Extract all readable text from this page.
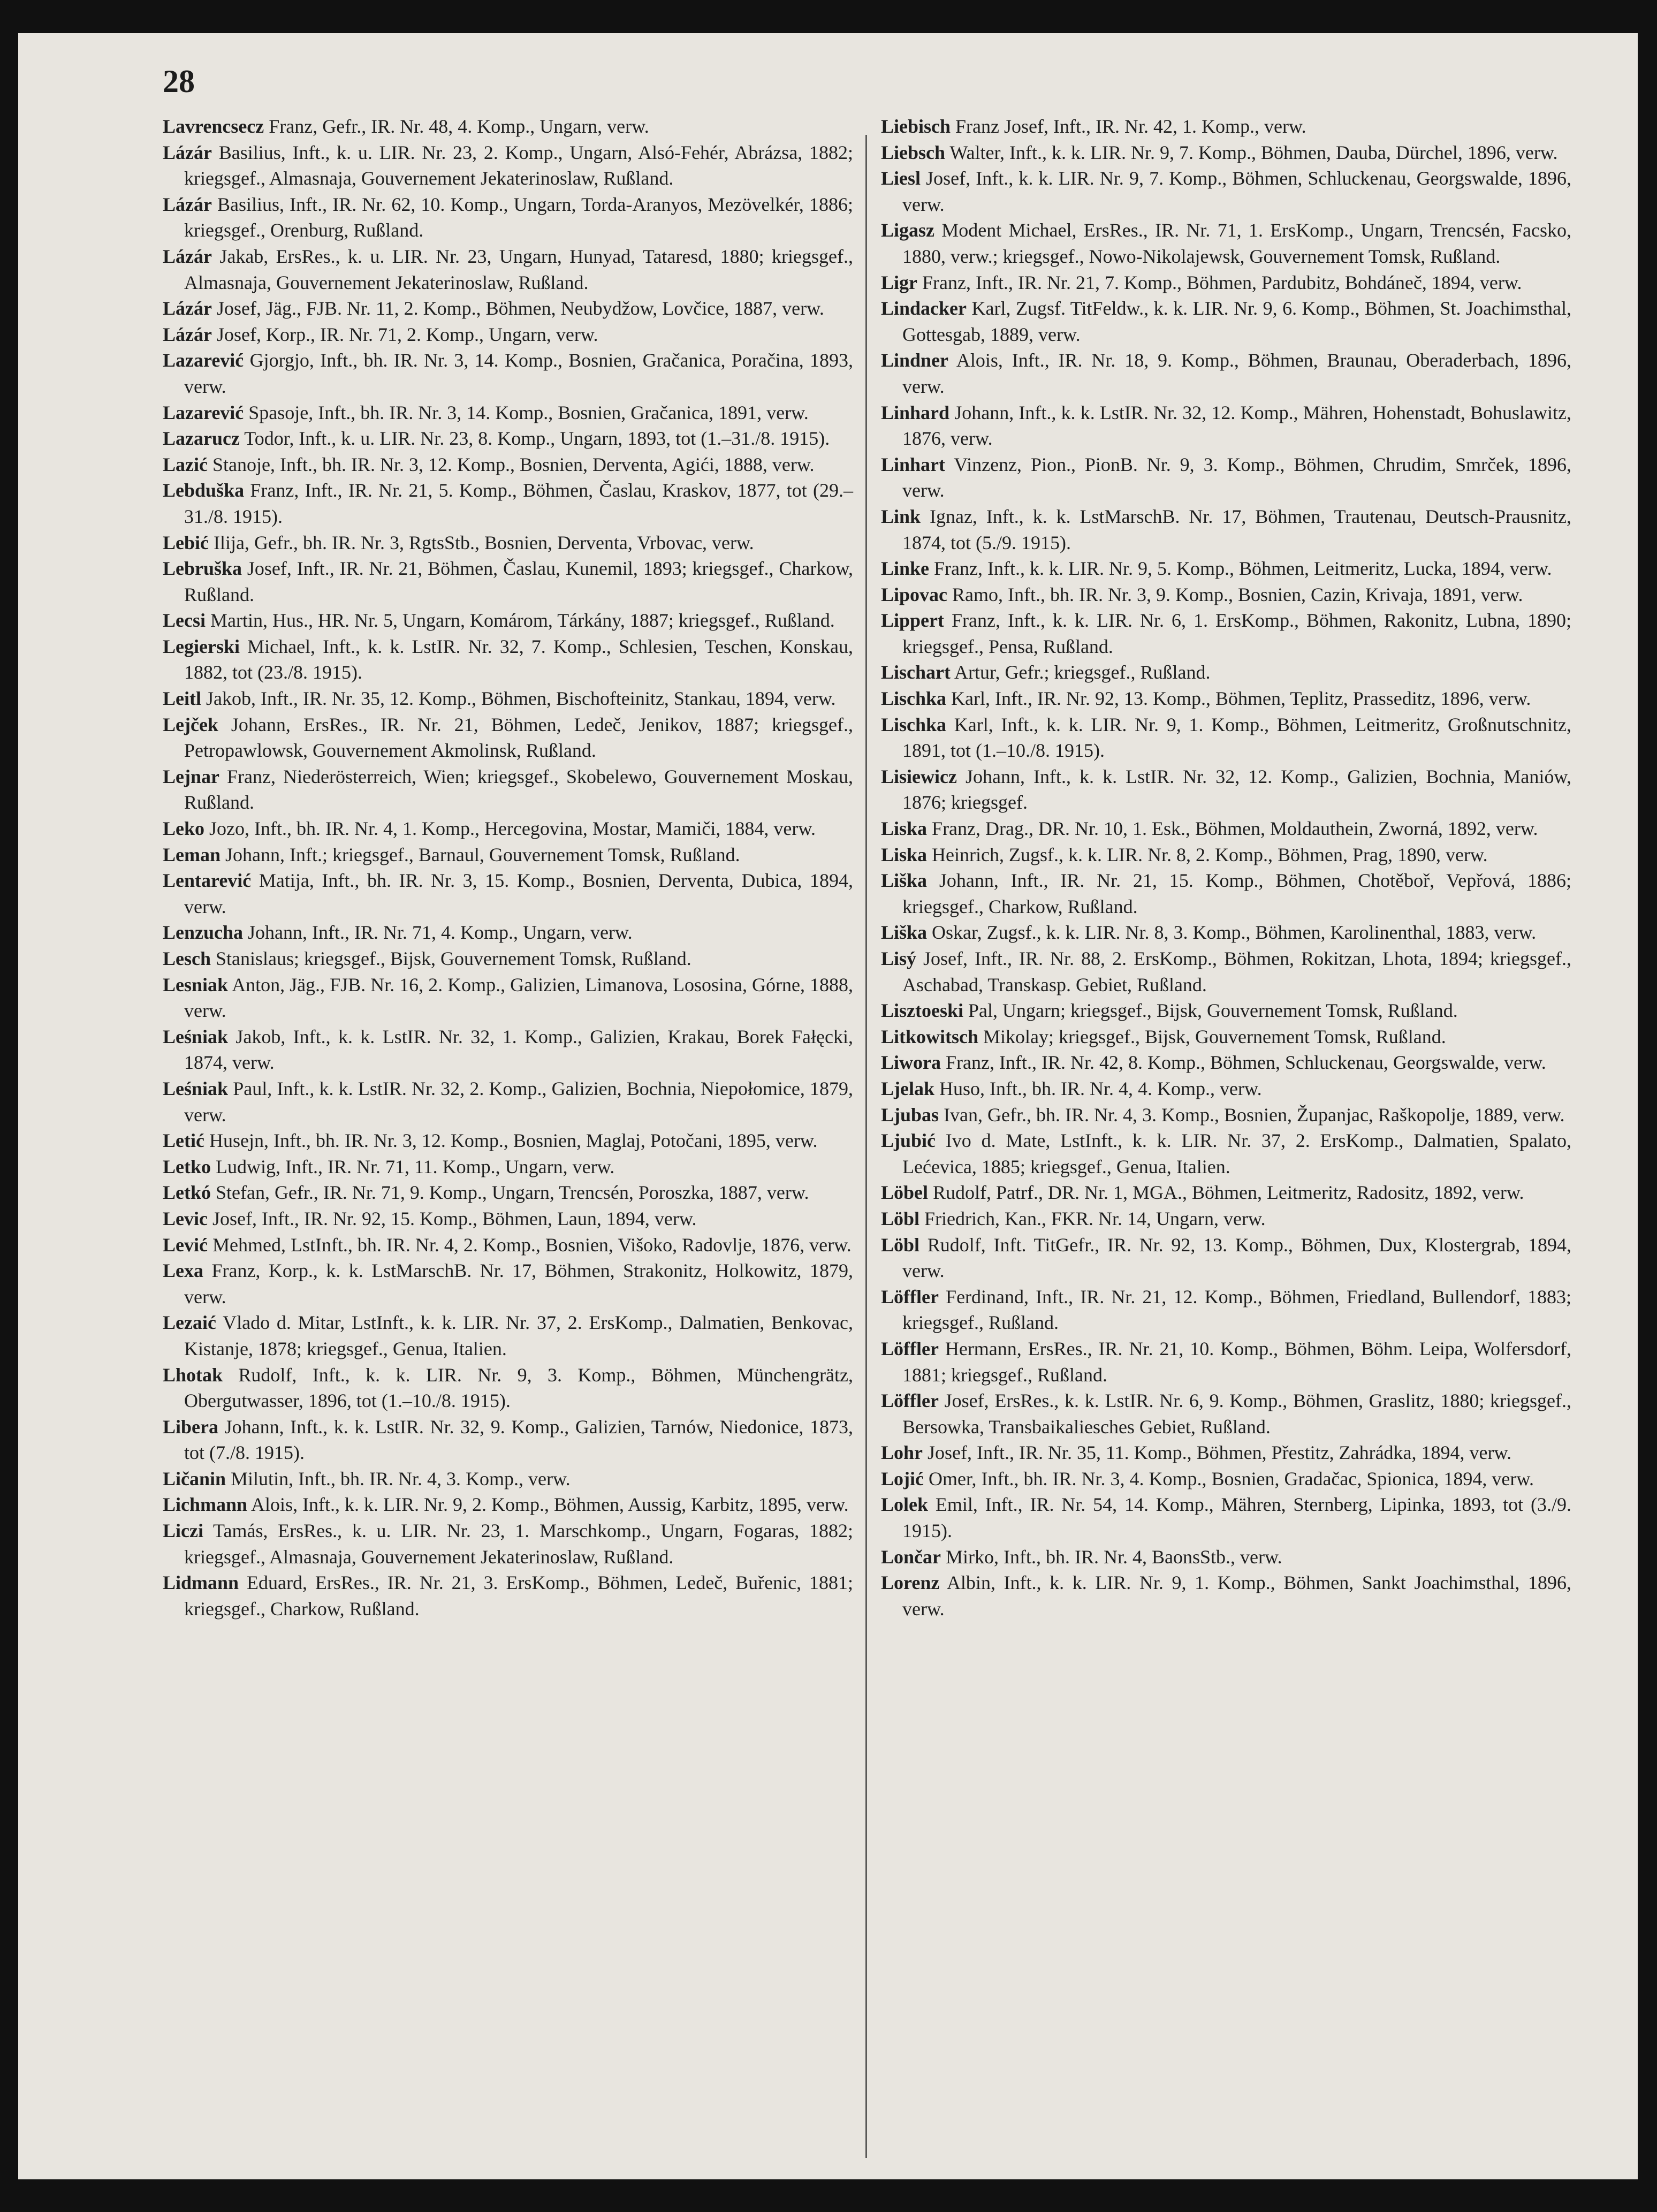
28

Lavrencsecz Franz, Gefr., IR. Nr. 48, 4. Komp., Ungarn, verw.

Lázár Basilius, Inft., k. u. LIR. Nr. 23, 2. Komp., Ungarn, Alsó-Fehér, Abrázsa, 1882; kriegsgef., Almasnaja, Gouvernement Jekaterinoslaw, Rußland.

Lázár Basilius, Inft., IR. Nr. 62, 10. Komp., Ungarn, Torda-Aranyos, Mezövelkér, 1886; kriegsgef., Orenburg, Rußland.

Lázár Jakab, ErsRes., k. u. LIR. Nr. 23, Ungarn, Hunyad, Tataresd, 1880; kriegsgef., Almasnaja, Gouvernement Jekaterinoslaw, Rußland.

Lázár Josef, Jäg., FJB. Nr. 11, 2. Komp., Böhmen, Neubydžow, Lovčice, 1887, verw.

Lázár Josef, Korp., IR. Nr. 71, 2. Komp., Ungarn, verw.

Lazarević Gjorgjo, Inft., bh. IR. Nr. 3, 14. Komp., Bosnien, Gračanica, Poračina, 1893, verw.

Lazarević Spasoje, Inft., bh. IR. Nr. 3, 14. Komp., Bosnien, Gračanica, 1891, verw.

Lazarucz Todor, Inft., k. u. LIR. Nr. 23, 8. Komp., Ungarn, 1893, tot (1.–31./8. 1915).

Lazić Stanoje, Inft., bh. IR. Nr. 3, 12. Komp., Bosnien, Derventa, Agići, 1888, verw.

Lebduška Franz, Inft., IR. Nr. 21, 5. Komp., Böhmen, Časlau, Kraskov, 1877, tot (29.–31./8. 1915).

Lebić Ilija, Gefr., bh. IR. Nr. 3, RgtsStb., Bosnien, Derventa, Vrbovac, verw.

Lebruška Josef, Inft., IR. Nr. 21, Böhmen, Časlau, Kunemil, 1893; kriegsgef., Charkow, Rußland.

Lecsi Martin, Hus., HR. Nr. 5, Ungarn, Komárom, Tárkány, 1887; kriegsgef., Rußland.

Legierski Michael, Inft., k. k. LstIR. Nr. 32, 7. Komp., Schlesien, Teschen, Konskau, 1882, tot (23./8. 1915).

Leitl Jakob, Inft., IR. Nr. 35, 12. Komp., Böhmen, Bischofteinitz, Stankau, 1894, verw.

Lejček Johann, ErsRes., IR. Nr. 21, Böhmen, Ledeč, Jenikov, 1887; kriegsgef., Petropawlowsk, Gouvernement Akmolinsk, Rußland.

Lejnar Franz, Niederösterreich, Wien; kriegsgef., Skobelewo, Gouvernement Moskau, Rußland.

Leko Jozo, Inft., bh. IR. Nr. 4, 1. Komp., Hercegovina, Mostar, Mamiči, 1884, verw.

Leman Johann, Inft.; kriegsgef., Barnaul, Gouvernement Tomsk, Rußland.

Lentarević Matija, Inft., bh. IR. Nr. 3, 15. Komp., Bosnien, Derventa, Dubica, 1894, verw.

Lenzucha Johann, Inft., IR. Nr. 71, 4. Komp., Ungarn, verw.

Lesch Stanislaus; kriegsgef., Bijsk, Gouvernement Tomsk, Rußland.

Lesniak Anton, Jäg., FJB. Nr. 16, 2. Komp., Galizien, Limanova, Lososina, Górne, 1888, verw.

Leśniak Jakob, Inft., k. k. LstIR. Nr. 32, 1. Komp., Galizien, Krakau, Borek Fałęcki, 1874, verw.

Leśniak Paul, Inft., k. k. LstIR. Nr. 32, 2. Komp., Galizien, Bochnia, Niepołomice, 1879, verw.

Letić Husejn, Inft., bh. IR. Nr. 3, 12. Komp., Bosnien, Maglaj, Potočani, 1895, verw.

Letko Ludwig, Inft., IR. Nr. 71, 11. Komp., Ungarn, verw.

Letkó Stefan, Gefr., IR. Nr. 71, 9. Komp., Ungarn, Trencsén, Poroszka, 1887, verw.

Levic Josef, Inft., IR. Nr. 92, 15. Komp., Böhmen, Laun, 1894, verw.

Lević Mehmed, LstInft., bh. IR. Nr. 4, 2. Komp., Bosnien, Višoko, Radovlje, 1876, verw.

Lexa Franz, Korp., k. k. LstMarschB. Nr. 17, Böhmen, Strakonitz, Holkowitz, 1879, verw.

Lezaić Vlado d. Mitar, LstInft., k. k. LIR. Nr. 37, 2. ErsKomp., Dalmatien, Benkovac, Kistanje, 1878; kriegsgef., Genua, Italien.

Lhotak Rudolf, Inft., k. k. LIR. Nr. 9, 3. Komp., Böhmen, Münchengrätz, Obergutwasser, 1896, tot (1.–10./8. 1915).

Libera Johann, Inft., k. k. LstIR. Nr. 32, 9. Komp., Galizien, Tarnów, Niedonice, 1873, tot (7./8. 1915).

Ličanin Milutin, Inft., bh. IR. Nr. 4, 3. Komp., verw.

Lichmann Alois, Inft., k. k. LIR. Nr. 9, 2. Komp., Böhmen, Aussig, Karbitz, 1895, verw.

Liczi Tamás, ErsRes., k. u. LIR. Nr. 23, 1. Marschkomp., Ungarn, Fogaras, 1882; kriegsgef., Almasnaja, Gouvernement Jekaterinoslaw, Rußland.

Lidmann Eduard, ErsRes., IR. Nr. 21, 3. ErsKomp., Böhmen, Ledeč, Buřenic, 1881; kriegsgef., Charkow, Rußland.

Liebisch Franz Josef, Inft., IR. Nr. 42, 1. Komp., verw.

Liebsch Walter, Inft., k. k. LIR. Nr. 9, 7. Komp., Böhmen, Dauba, Dürchel, 1896, verw.

Liesl Josef, Inft., k. k. LIR. Nr. 9, 7. Komp., Böhmen, Schluckenau, Georgswalde, 1896, verw.

Ligasz Modent Michael, ErsRes., IR. Nr. 71, 1. ErsKomp., Ungarn, Trencsén, Facsko, 1880, verw.; kriegsgef., Nowo-Nikolajewsk, Gouvernement Tomsk, Rußland.

Ligr Franz, Inft., IR. Nr. 21, 7. Komp., Böhmen, Pardubitz, Bohdáneč, 1894, verw.

Lindacker Karl, Zugsf. TitFeldw., k. k. LIR. Nr. 9, 6. Komp., Böhmen, St. Joachimsthal, Gottesgab, 1889, verw.

Lindner Alois, Inft., IR. Nr. 18, 9. Komp., Böhmen, Braunau, Oberaderbach, 1896, verw.

Linhard Johann, Inft., k. k. LstIR. Nr. 32, 12. Komp., Mähren, Hohenstadt, Bohuslawitz, 1876, verw.

Linhart Vinzenz, Pion., PionB. Nr. 9, 3. Komp., Böhmen, Chrudim, Smrček, 1896, verw.

Link Ignaz, Inft., k. k. LstMarschB. Nr. 17, Böhmen, Trautenau, Deutsch-Prausnitz, 1874, tot (5./9. 1915).

Linke Franz, Inft., k. k. LIR. Nr. 9, 5. Komp., Böhmen, Leitmeritz, Lucka, 1894, verw.

Lipovac Ramo, Inft., bh. IR. Nr. 3, 9. Komp., Bosnien, Cazin, Krivaja, 1891, verw.

Lippert Franz, Inft., k. k. LIR. Nr. 6, 1. ErsKomp., Böhmen, Rakonitz, Lubna, 1890; kriegsgef., Pensa, Rußland.

Lischart Artur, Gefr.; kriegsgef., Rußland.

Lischka Karl, Inft., IR. Nr. 92, 13. Komp., Böhmen, Teplitz, Prasseditz, 1896, verw.

Lischka Karl, Inft., k. k. LIR. Nr. 9, 1. Komp., Böhmen, Leitmeritz, Großnutschnitz, 1891, tot (1.–10./8. 1915).

Lisiewicz Johann, Inft., k. k. LstIR. Nr. 32, 12. Komp., Galizien, Bochnia, Maniów, 1876; kriegsgef.

Liska Franz, Drag., DR. Nr. 10, 1. Esk., Böhmen, Moldauthein, Zworná, 1892, verw.

Liska Heinrich, Zugsf., k. k. LIR. Nr. 8, 2. Komp., Böhmen, Prag, 1890, verw.

Liška Johann, Inft., IR. Nr. 21, 15. Komp., Böhmen, Chotěboř, Vepřová, 1886; kriegsgef., Charkow, Rußland.

Liška Oskar, Zugsf., k. k. LIR. Nr. 8, 3. Komp., Böhmen, Karolinenthal, 1883, verw.

Lisý Josef, Inft., IR. Nr. 88, 2. ErsKomp., Böhmen, Rokitzan, Lhota, 1894; kriegsgef., Aschabad, Transkasp. Gebiet, Rußland.

Lisztoeski Pal, Ungarn; kriegsgef., Bijsk, Gouvernement Tomsk, Rußland.

Litkowitsch Mikolay; kriegsgef., Bijsk, Gouvernement Tomsk, Rußland.

Liwora Franz, Inft., IR. Nr. 42, 8. Komp., Böhmen, Schluckenau, Georgswalde, verw.

Ljelak Huso, Inft., bh. IR. Nr. 4, 4. Komp., verw.

Ljubas Ivan, Gefr., bh. IR. Nr. 4, 3. Komp., Bosnien, Županjac, Raškopolje, 1889, verw.

Ljubić Ivo d. Mate, LstInft., k. k. LIR. Nr. 37, 2. ErsKomp., Dalmatien, Spalato, Lećevica, 1885; kriegsgef., Genua, Italien.

Löbel Rudolf, Patrf., DR. Nr. 1, MGA., Böhmen, Leitmeritz, Radositz, 1892, verw.

Löbl Friedrich, Kan., FKR. Nr. 14, Ungarn, verw.

Löbl Rudolf, Inft. TitGefr., IR. Nr. 92, 13. Komp., Böhmen, Dux, Klostergrab, 1894, verw.

Löffler Ferdinand, Inft., IR. Nr. 21, 12. Komp., Böhmen, Friedland, Bullendorf, 1883; kriegsgef., Rußland.

Löffler Hermann, ErsRes., IR. Nr. 21, 10. Komp., Böhmen, Böhm. Leipa, Wolfersdorf, 1881; kriegsgef., Rußland.

Löffler Josef, ErsRes., k. k. LstIR. Nr. 6, 9. Komp., Böhmen, Graslitz, 1880; kriegsgef., Bersowka, Transbaikaliesches Gebiet, Rußland.

Lohr Josef, Inft., IR. Nr. 35, 11. Komp., Böhmen, Přestitz, Zahrádka, 1894, verw.

Lojić Omer, Inft., bh. IR. Nr. 3, 4. Komp., Bosnien, Gradačac, Spionica, 1894, verw.

Lolek Emil, Inft., IR. Nr. 54, 14. Komp., Mähren, Sternberg, Lipinka, 1893, tot (3./9. 1915).

Lončar Mirko, Inft., bh. IR. Nr. 4, BaonsStb., verw.

Lorenz Albin, Inft., k. k. LIR. Nr. 9, 1. Komp., Böhmen, Sankt Joachimsthal, 1896, verw.
